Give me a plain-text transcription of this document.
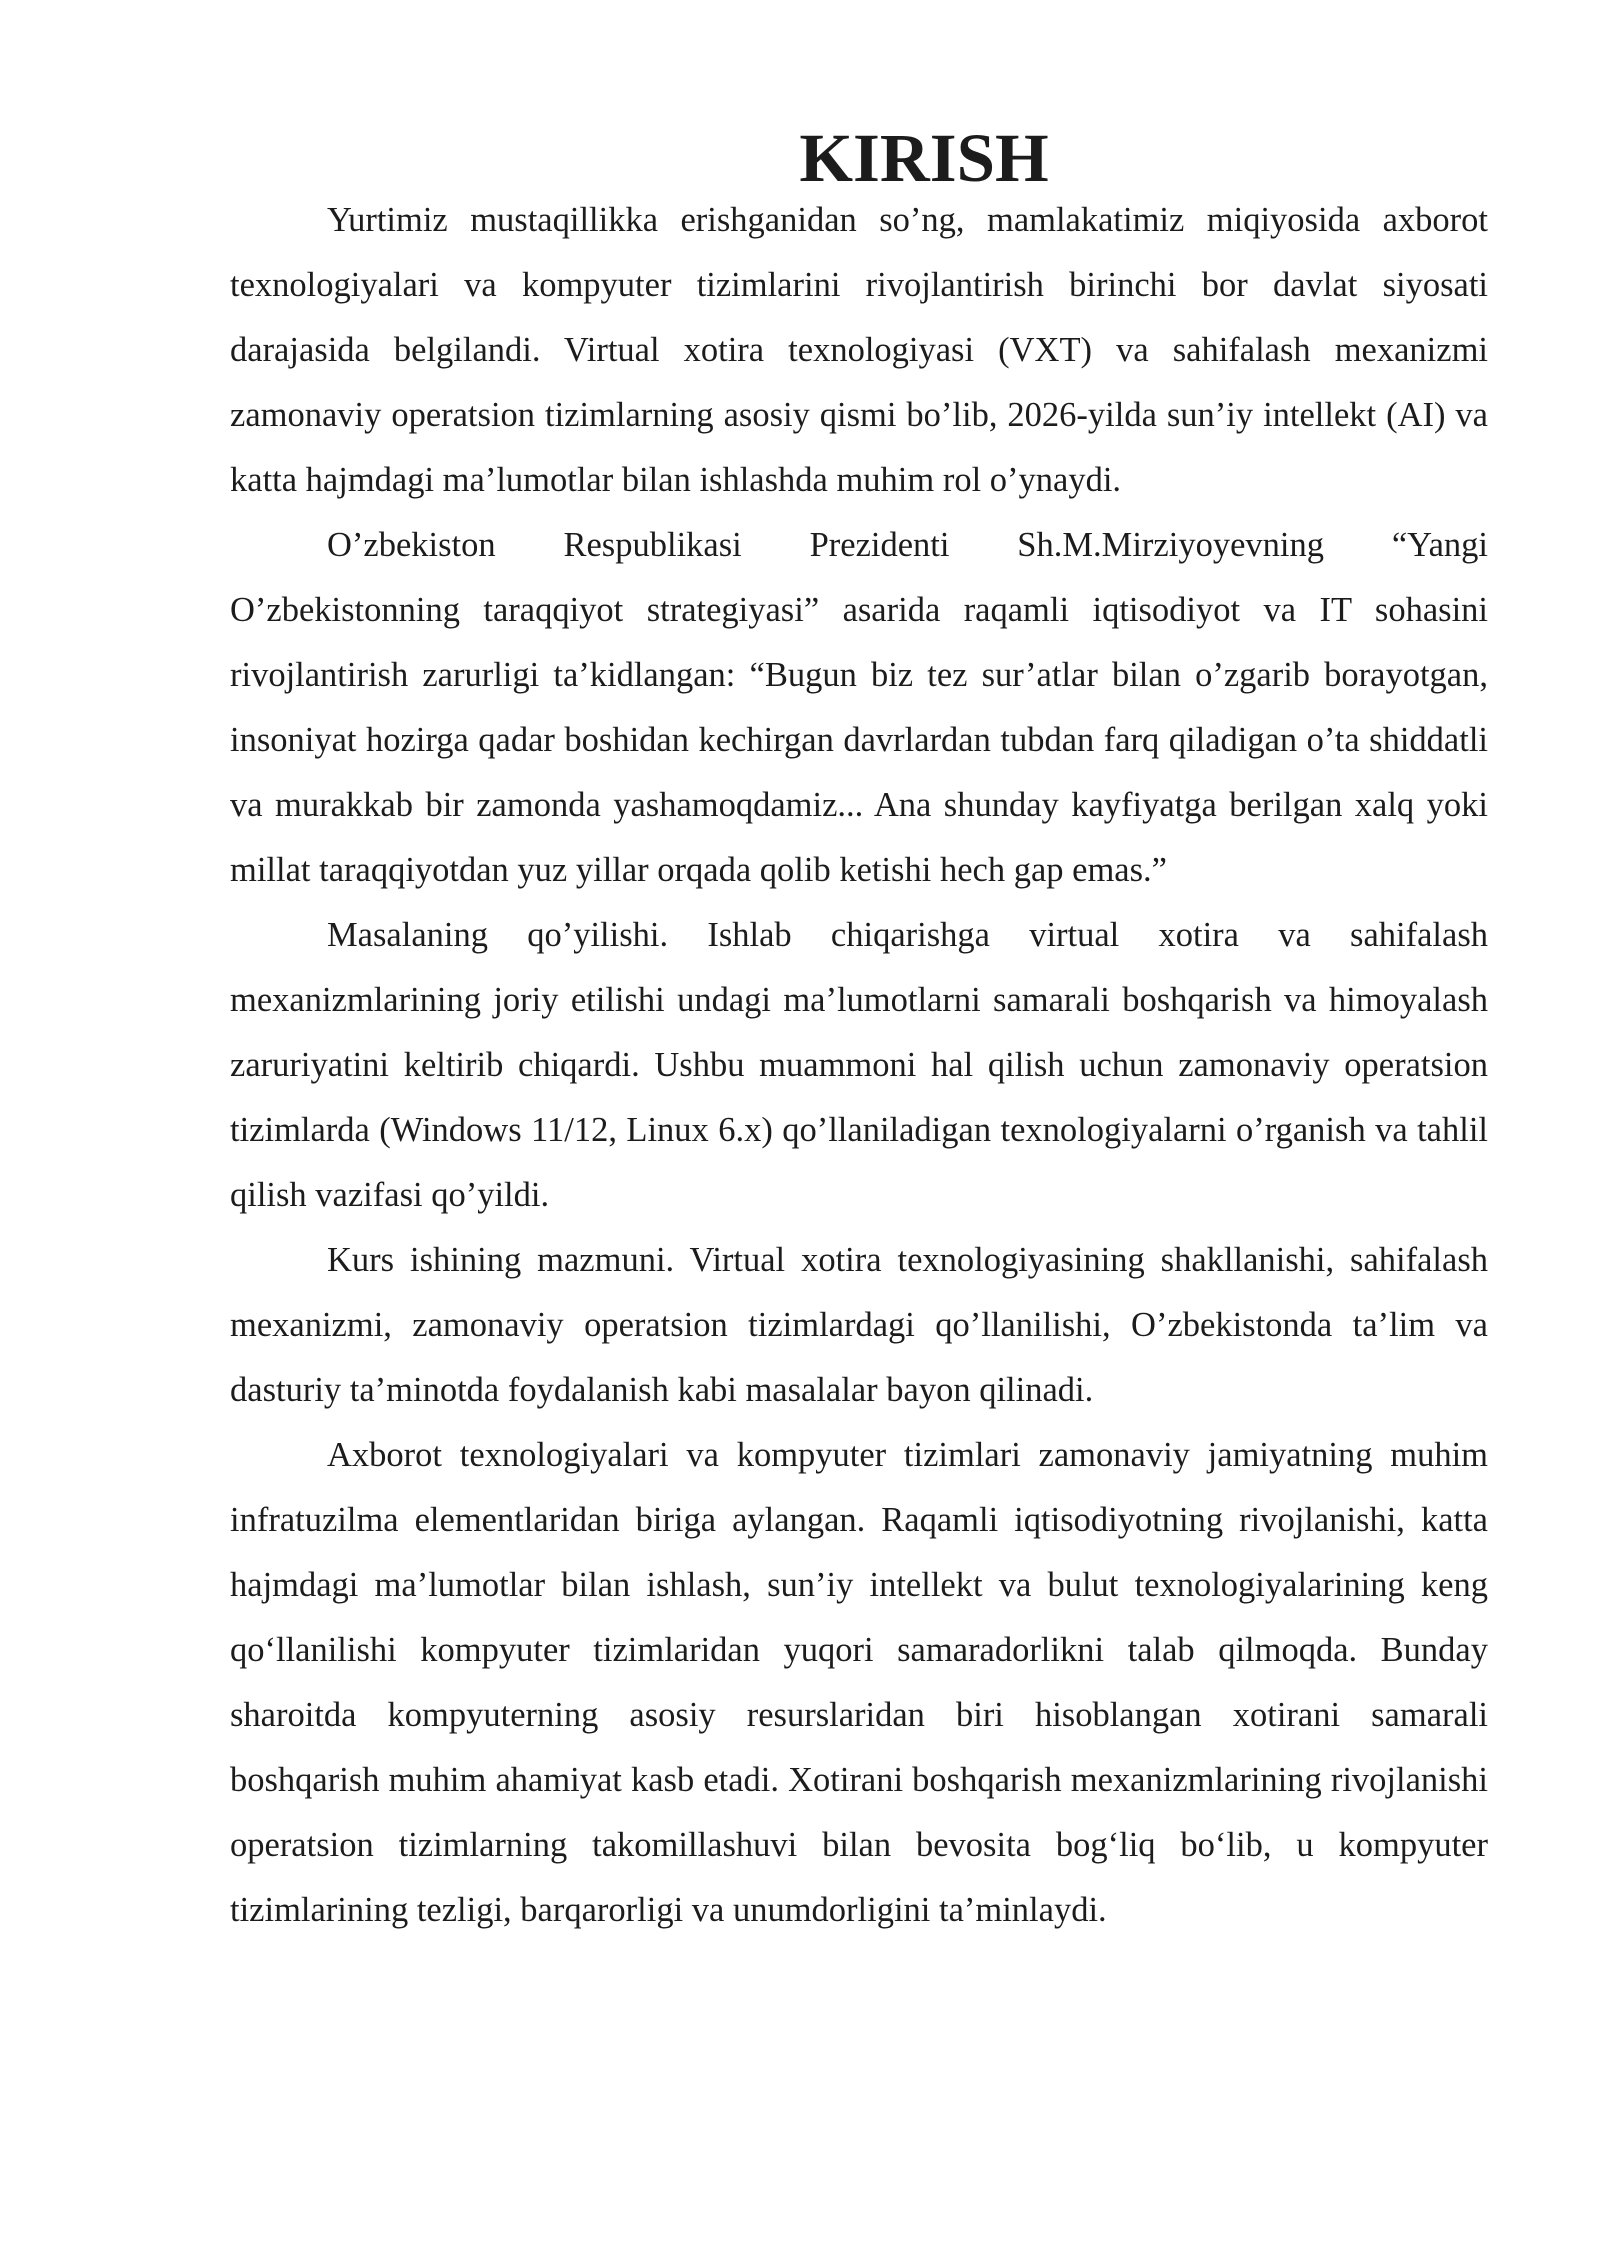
KIRISH

Yurtimiz mustaqillikka erishganidan so’ng, mamlakatimiz miqiyosida axborot texnologiyalari va kompyuter tizimlarini rivojlantirish birinchi bor davlat siyosati darajasida belgilandi. Virtual xotira texnologiyasi (VXT) va sahifalash mexanizmi zamonaviy operatsion tizimlarning asosiy qismi bo’lib, 2026-yilda sun’iy intellekt (AI) va katta hajmdagi ma’lumotlar bilan ishlashda muhim rol o’ynaydi.

O’zbekiston Respublikasi Prezidenti Sh.M.Mirziyoyevning “Yangi O’zbekistonning taraqqiyot strategiyasi” asarida raqamli iqtisodiyot va IT sohasini rivojlantirish zarurligi ta’kidlangan: “Bugun biz tez sur’atlar bilan o’zgarib borayotgan, insoniyat hozirga qadar boshidan kechirgan davrlardan tubdan farq qiladigan o’ta shiddatli va murakkab bir zamonda yashamoqdamiz... Ana shunday kayfiyatga berilgan xalq yoki millat taraqqiyotdan yuz yillar orqada qolib ketishi hech gap emas.”

Masalaning qo’yilishi. Ishlab chiqarishga virtual xotira va sahifalash mexanizmlarining joriy etilishi undagi ma’lumotlarni samarali boshqarish va himoyalash zaruriyatini keltirib chiqardi. Ushbu muammoni hal qilish uchun zamonaviy operatsion tizimlarda (Windows 11/12, Linux 6.x) qo’llaniladigan texnologiyalarni o’rganish va tahlil qilish vazifasi qo’yildi.

Kurs ishining mazmuni. Virtual xotira texnologiyasining shakllanishi, sahifalash mexanizmi, zamonaviy operatsion tizimlardagi qo’llanilishi, O’zbekistonda ta’lim va dasturiy ta’minotda foydalanish kabi masalalar bayon qilinadi.

Axborot texnologiyalari va kompyuter tizimlari zamonaviy jamiyatning muhim infratuzilma elementlaridan biriga aylangan. Raqamli iqtisodiyotning rivojlanishi, katta hajmdagi ma’lumotlar bilan ishlash, sun’iy intellekt va bulut texnologiyalarining keng qo‘llanilishi kompyuter tizimlaridan yuqori samaradorlikni talab qilmoqda. Bunday sharoitda kompyuterning asosiy resurslaridan biri hisoblangan xotirani samarali boshqarish muhim ahamiyat kasb etadi. Xotirani boshqarish mexanizmlarining rivojlanishi operatsion tizimlarning takomillashuvi bilan bevosita bog‘liq bo‘lib, u kompyuter tizimlarining tezligi, barqarorligi va unumdorligini ta’minlaydi.
